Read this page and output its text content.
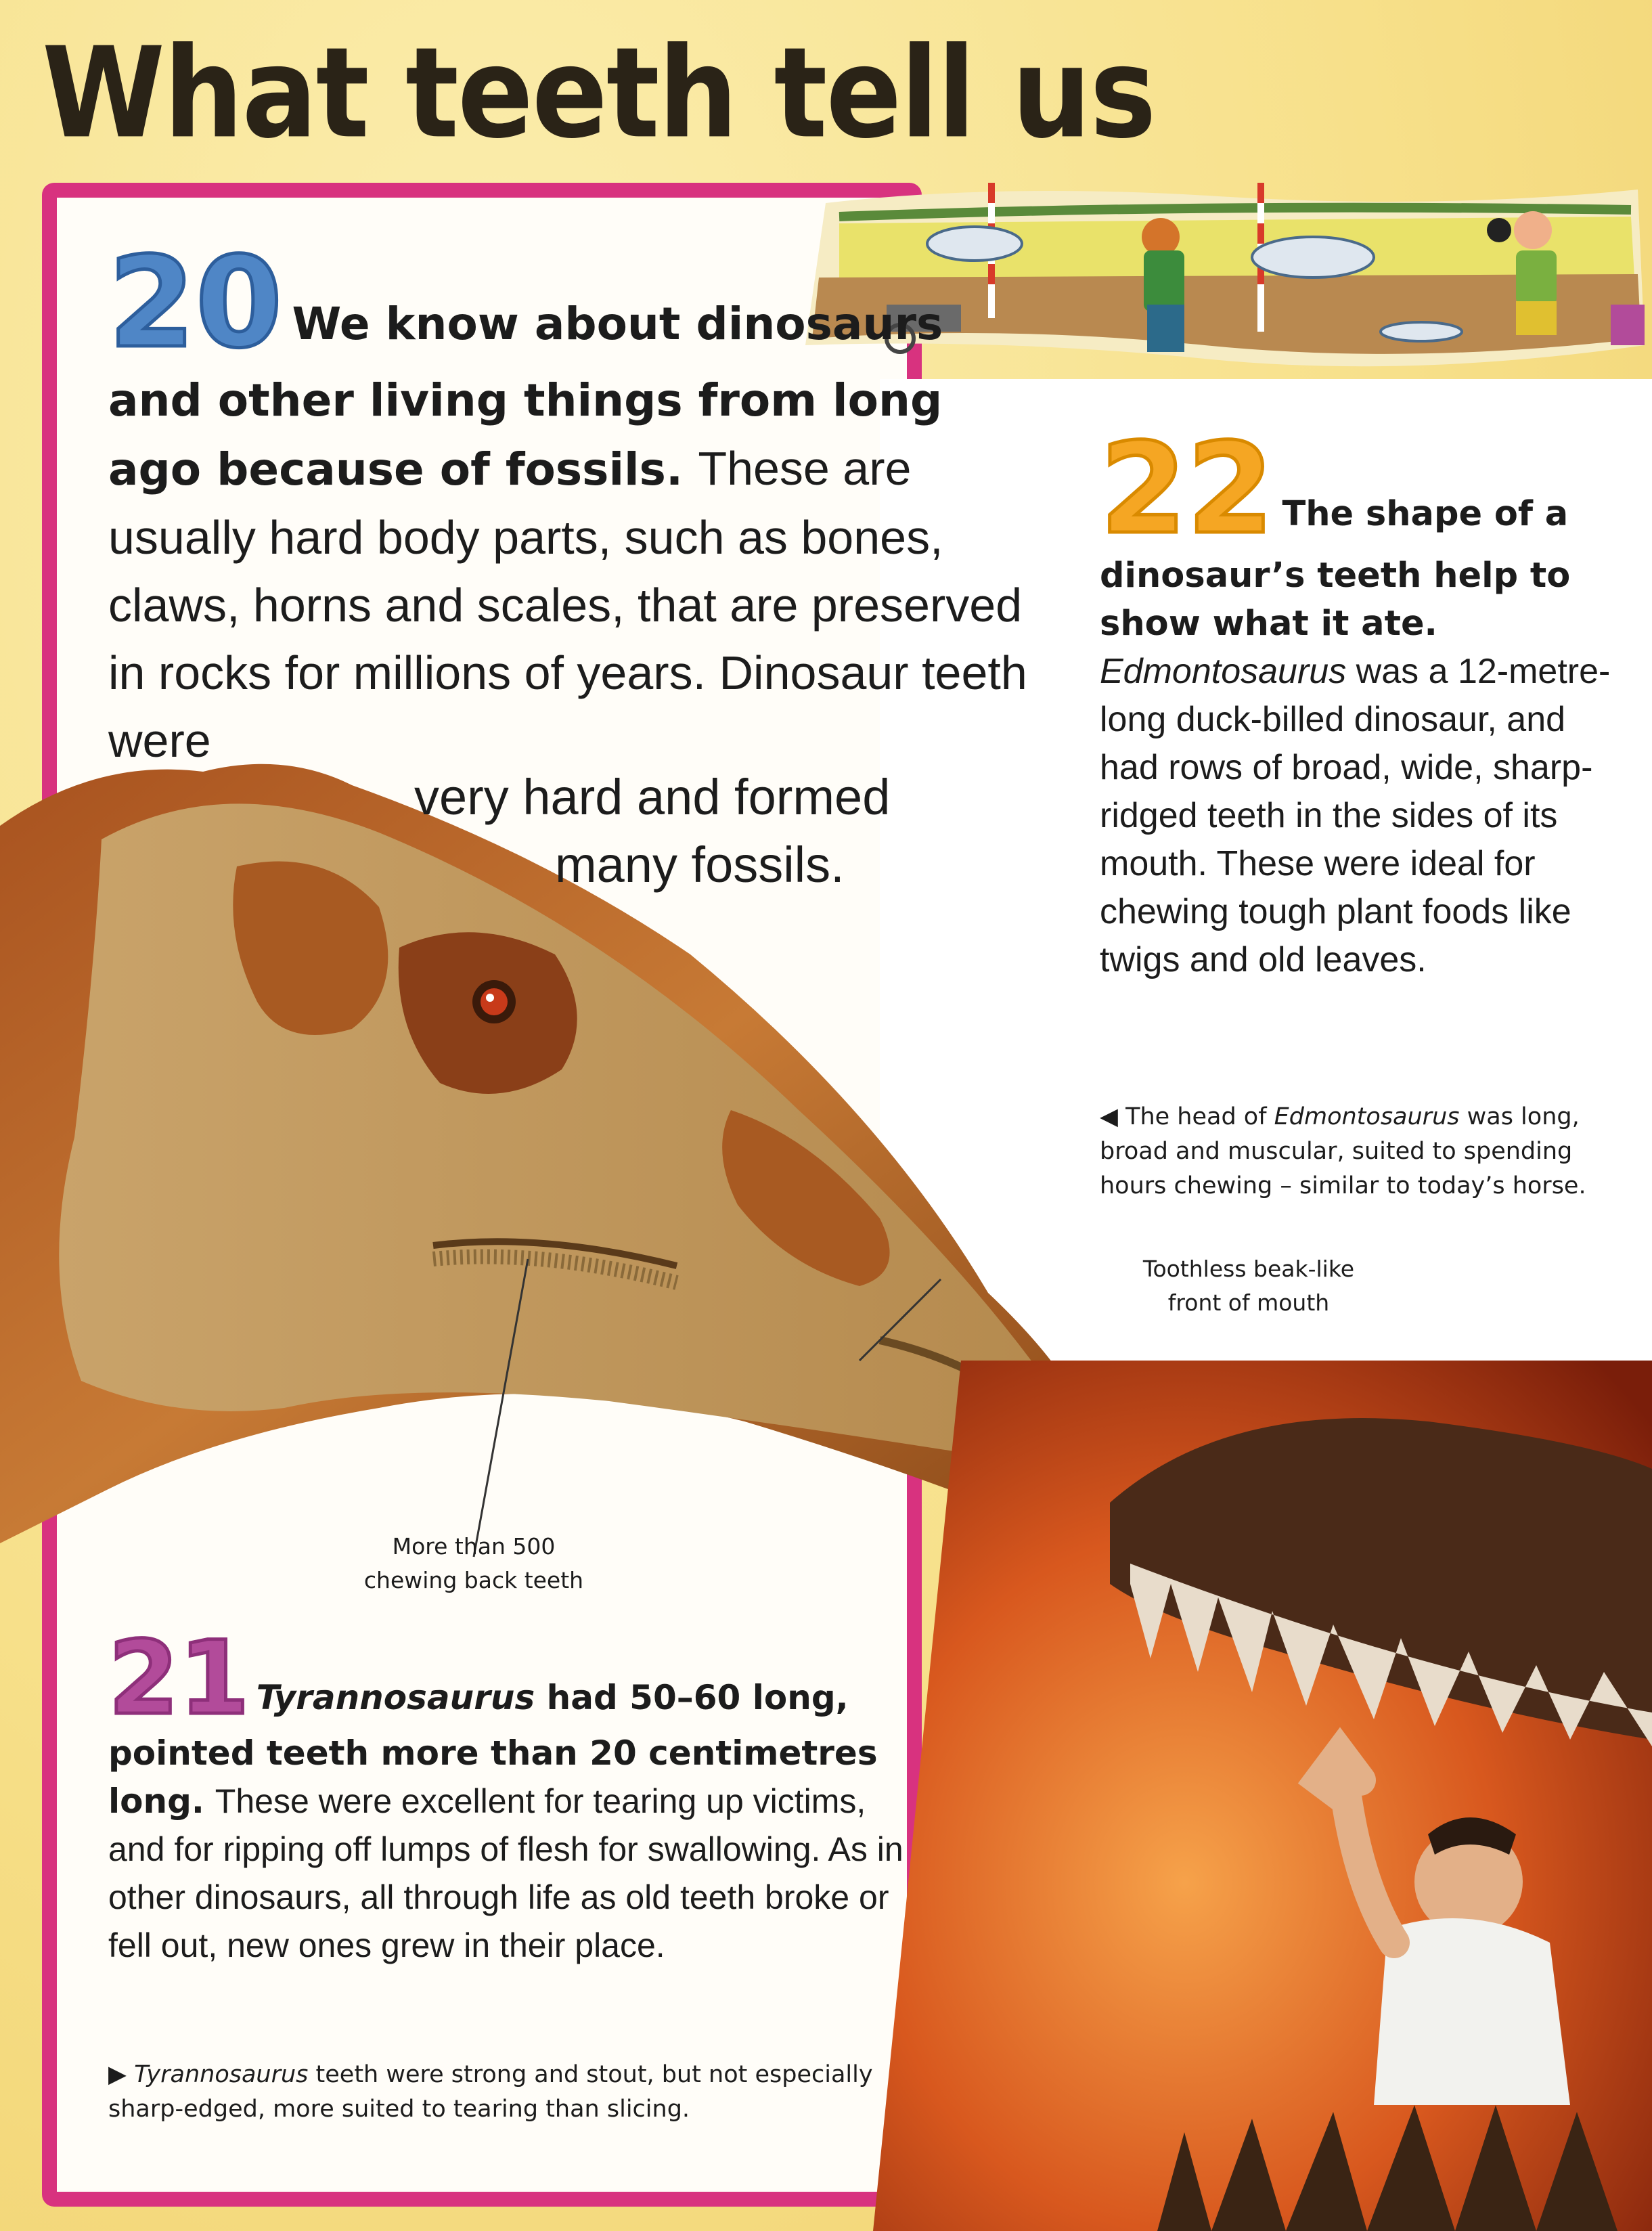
What teeth tell us
20 We know about dinosaurs and other living things from long ago because of fossils. These are usually hard body parts, such as bones, claws, horns and scales, that are preserved in rocks for millions of years. Dinosaur teeth were
very hard and formed
many fossils.
22 The shape of a dinosaur’s teeth help to show what it ate. Edmontosaurus was a 12-metre-long duck-billed dinosaur, and had rows of broad, wide, sharp-ridged teeth in the sides of its mouth. These were ideal for chewing tough plant foods like twigs and old leaves.
◀ The head of Edmontosaurus was long, broad and muscular, suited to spending hours chewing – similar to today’s horse.
Toothless beak-like front of mouth
More than 500 chewing back teeth
21 Tyrannosaurus had 50–60 long, pointed teeth more than 20 centimetres long. These were excellent for tearing up victims, and for ripping off lumps of flesh for swallowing. As in other dinosaurs, all through life as old teeth broke or fell out, new ones grew in their place.
▶ Tyrannosaurus teeth were strong and stout, but not especially sharp-edged, more suited to tearing than slicing.
